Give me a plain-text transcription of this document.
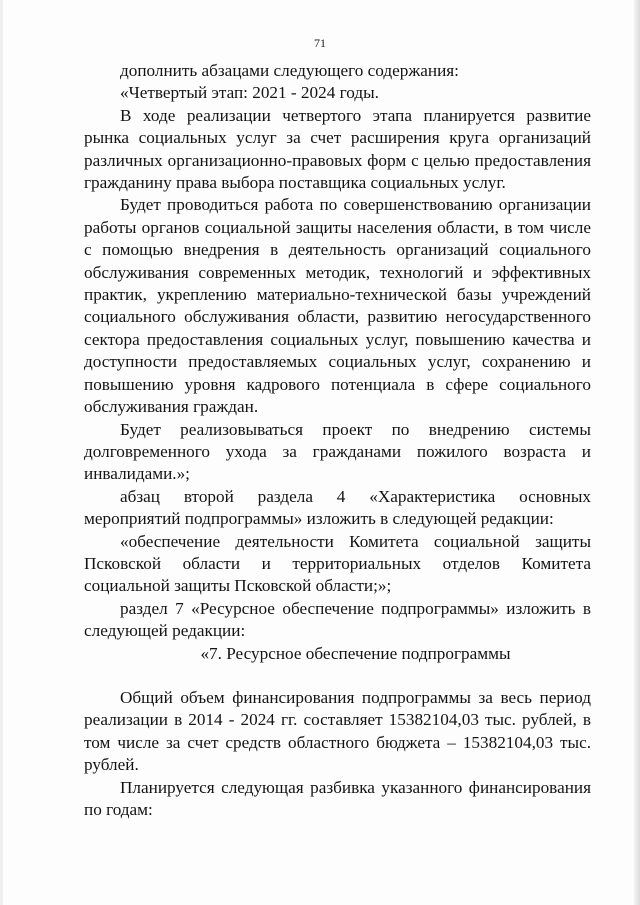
71

дополнить абзацами следующего содержания:

«Четвертый этап: 2021 - 2024 годы.

В ходе реализации четвертого этапа планируется развитие рынка социальных услуг за счет расширения круга организаций различных организационно-правовых форм с целью предоставления гражданину права выбора поставщика социальных услуг.

Будет проводиться работа по совершенствованию организации работы органов социальной защиты населения области, в том числе с помощью внедрения в деятельность организаций социального обслуживания современных методик, технологий и эффективных практик, укреплению материально-технической базы учреждений социального обслуживания области, развитию негосударственного сектора предоставления социальных услуг, повышению качества и доступности предоставляемых социальных услуг, сохранению и повышению уровня кадрового потенциала в сфере социального обслуживания граждан.

Будет реализовываться проект по внедрению системы долговременного ухода за гражданами пожилого возраста и инвалидами.»;

абзац второй раздела 4 «Характеристика основных мероприятий подпрограммы» изложить в следующей редакции:

«обеспечение деятельности Комитета социальной защиты Псковской области и территориальных отделов Комитета социальной защиты Псковской области;»;

раздел 7 «Ресурсное обеспечение подпрограммы» изложить в следующей редакции:

«7. Ресурсное обеспечение подпрограммы

Общий объем финансирования подпрограммы за весь период реализации в 2014 - 2024 гг. составляет 15382104,03 тыс. рублей, в том числе за счет средств областного бюджета – 15382104,03 тыс. рублей.

Планируется следующая разбивка указанного финансирования по годам:
